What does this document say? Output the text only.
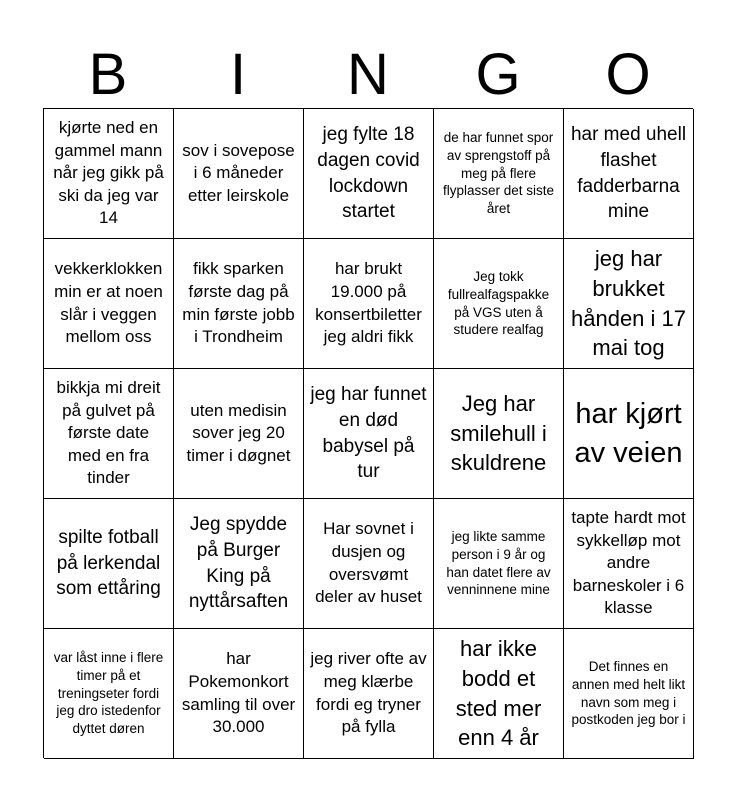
B	I	N	G	O
kjørte ned en gammel mann når jeg gikk på ski da jeg var 14
sov i sovepose i 6 måneder etter leirskole
jeg fylte 18 dagen covid lockdown startet
de har funnet spor av sprengstoff på meg på flere flyplasser det siste året
har med uhell flashet fadderbarna mine
vekkerklokken min er at noen slår i veggen mellom oss
fikk sparken første dag på min første jobb i Trondheim
har brukt 19.000 på konsertbiletter jeg aldri fikk
Jeg tokk fullrealfagspakke på VGS uten å studere realfag
jeg har brukket hånden i 17 mai tog
bikkja mi dreit på gulvet på første date med en fra tinder
uten medisin sover jeg 20 timer i døgnet
jeg har funnet en død babysel på tur
Jeg har smilehull i skuldrene
har kjørt av veien
spilte fotball på lerkendal som ettåring
Jeg spydde på Burger King på nyttårsaften
Har sovnet i dusjen og oversvømt deler av huset
jeg likte samme person i 9 år og han datet flere av venninnene mine
tapte hardt mot sykkelløp mot andre barneskoler i 6 klasse
var låst inne i flere timer på et treningseter fordi jeg dro istedenfor dyttet døren
har Pokemonkort samling til over 30.000
jeg river ofte av meg klærbe fordi eg tryner på fylla
har ikke bodd et sted mer enn 4 år
Det finnes en annen med helt likt navn som meg i postkoden jeg bor i
